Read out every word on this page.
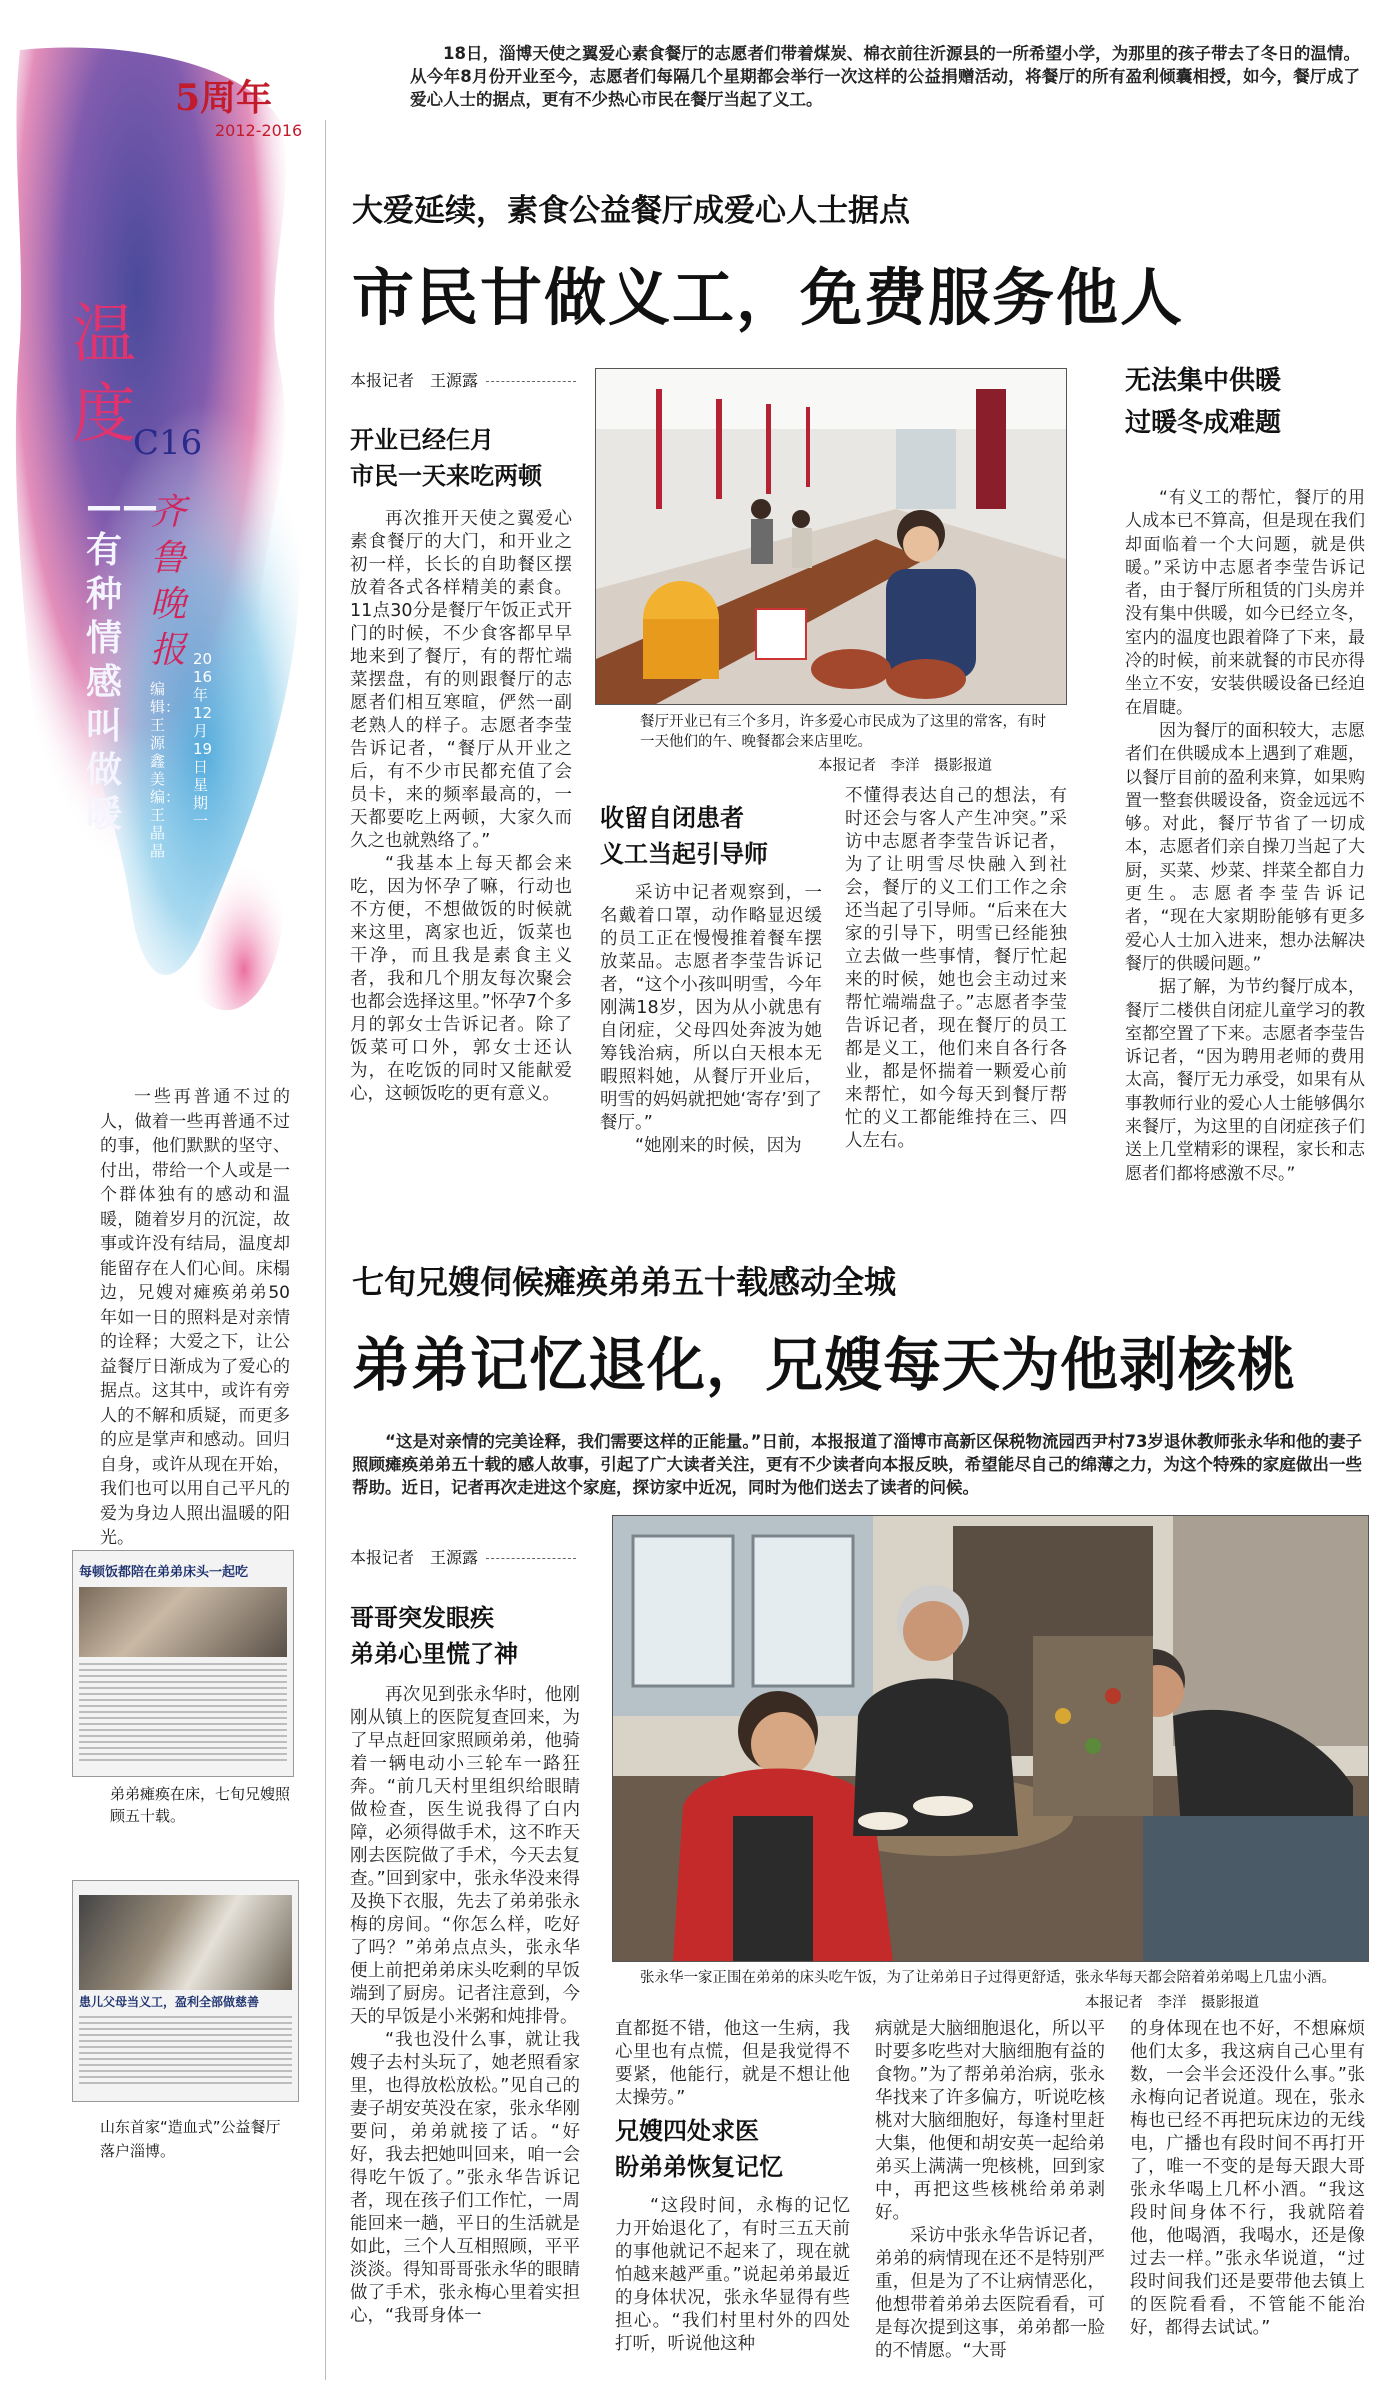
5周年
2012-2016
温
度
C16
——有种情感叫做暖
齐鲁晚报 2016年12月19日 星期一
编辑：王源鑫 美编：王晶晶

一些再普通不过的人，做着一些再普通不过的事，他们默默的坚守、付出，带给一个人或是一个群体独有的感动和温暖，随着岁月的沉淀，故事或许没有结局，温度却能留存在人们心间。床榻边，兄嫂对瘫痪弟弟50年如一日的照料是对亲情的诠释；大爱之下，让公益餐厅日渐成为了爱心的据点。这其中，或许有旁人的不解和质疑，而更多的应是掌声和感动。回归自身，或许从现在开始，我们也可以用自己平凡的爱为身边人照出温暖的阳光。

每顿饭都陪在弟弟床头一起吃
弟弟瘫痪在床，七旬兄嫂照顾五十载。
患儿父母当义工，盈利全部做慈善
山东首家“造血式”公益餐厅落户淄博。

18日，淄博天使之翼爱心素食餐厅的志愿者们带着煤炭、棉衣前往沂源县的一所希望小学，为那里的孩子带去了冬日的温情。从今年8月份开业至今，志愿者们每隔几个星期都会举行一次这样的公益捐赠活动，将餐厅的所有盈利倾囊相授，如今，餐厅成了爱心人士的据点，更有不少热心市民在餐厅当起了义工。

大爱延续，素食公益餐厅成爱心人士据点
市民甘做义工，免费服务他人
本报记者　王源露
开业已经仨月
市民一天来吃两顿

再次推开天使之翼爱心素食餐厅的大门，和开业之初一样，长长的自助餐区摆放着各式各样精美的素食。11点30分是餐厅午饭正式开门的时候，不少食客都早早地来到了餐厅，有的帮忙端菜摆盘，有的则跟餐厅的志愿者们相互寒暄，俨然一副老熟人的样子。志愿者李莹告诉记者，“餐厅从开业之后，有不少市民都充值了会员卡，来的频率最高的，一天都要吃上两顿，大家久而久之也就熟络了。”

“我基本上每天都会来吃，因为怀孕了嘛，行动也不方便，不想做饭的时候就来这里，离家也近，饭菜也干净，而且我是素食主义者，我和几个朋友每次聚会也都会选择这里。”怀孕7个多月的郭女士告诉记者。除了饭菜可口外，郭女士还认为，在吃饭的同时又能献爱心，这顿饭吃的更有意义。

餐厅开业已有三个多月，许多爱心市民成为了这里的常客，有时一天他们的午、晚餐都会来店里吃。
本报记者　李洋　摄影报道
收留自闭患者
义工当起引导师

采访中记者观察到，一名戴着口罩，动作略显迟缓的员工正在慢慢推着餐车摆放菜品。志愿者李莹告诉记者，“这个小孩叫明雪，今年刚满18岁，因为从小就患有自闭症，父母四处奔波为她筹钱治病，所以白天根本无暇照料她，从餐厅开业后，明雪的妈妈就把她‘寄存’到了餐厅。”

“她刚来的时候，因为

不懂得表达自己的想法，有时还会与客人产生冲突。”采访中志愿者李莹告诉记者，为了让明雪尽快融入到社会，餐厅的义工们工作之余还当起了引导师。“后来在大家的引导下，明雪已经能独立去做一些事情，餐厅忙起来的时候，她也会主动过来帮忙端端盘子。”志愿者李莹告诉记者，现在餐厅的员工都是义工，他们来自各行各业，都是怀揣着一颗爱心前来帮忙，如今每天到餐厅帮忙的义工都能维持在三、四人左右。

无法集中供暖
过暖冬成难题

“有义工的帮忙，餐厅的用人成本已不算高，但是现在我们却面临着一个大问题，就是供暖。”采访中志愿者李莹告诉记者，由于餐厅所租赁的门头房并没有集中供暖，如今已经立冬，室内的温度也跟着降了下来，最冷的时候，前来就餐的市民亦得坐立不安，安装供暖设备已经迫在眉睫。

因为餐厅的面积较大，志愿者们在供暖成本上遇到了难题，以餐厅目前的盈利来算，如果购置一整套供暖设备，资金远远不够。对此，餐厅节省了一切成本，志愿者们亲自操刀当起了大厨，买菜、炒菜、拌菜全都自力更生。志愿者李莹告诉记者，“现在大家期盼能够有更多爱心人士加入进来，想办法解决餐厅的供暖问题。”

据了解，为节约餐厅成本，餐厅二楼供自闭症儿童学习的教室都空置了下来。志愿者李莹告诉记者，“因为聘用老师的费用太高，餐厅无力承受，如果有从事教师行业的爱心人士能够偶尔来餐厅，为这里的自闭症孩子们送上几堂精彩的课程，家长和志愿者们都将感激不尽。”

七旬兄嫂伺候瘫痪弟弟五十载感动全城
弟弟记忆退化，兄嫂每天为他剥核桃

“这是对亲情的完美诠释，我们需要这样的正能量。”日前，本报报道了淄博市高新区保税物流园西尹村73岁退休教师张永华和他的妻子照顾瘫痪弟弟五十载的感人故事，引起了广大读者关注，更有不少读者向本报反映，希望能尽自己的绵薄之力，为这个特殊的家庭做出一些帮助。近日，记者再次走进这个家庭，探访家中近况，同时为他们送去了读者的问候。

本报记者　王源露
哥哥突发眼疾
弟弟心里慌了神

再次见到张永华时，他刚刚从镇上的医院复查回来，为了早点赶回家照顾弟弟，他骑着一辆电动小三轮车一路狂奔。“前几天村里组织给眼睛做检查，医生说我得了白内障，必须得做手术，这不昨天刚去医院做了手术，今天去复查。”回到家中，张永华没来得及换下衣服，先去了弟弟张永梅的房间。“你怎么样，吃好了吗？”弟弟点点头，张永华便上前把弟弟床头吃剩的早饭端到了厨房。记者注意到，今天的早饭是小米粥和炖排骨。

“我也没什么事，就让我嫂子去村头玩了，她老照看家里，也得放松放松。”见自己的妻子胡安英没在家，张永华刚要问，弟弟就接了话。“好好，我去把她叫回来，咱一会得吃午饭了。”张永华告诉记者，现在孩子们工作忙，一周能回来一趟，平日的生活就是如此，三个人互相照顾，平平淡淡。得知哥哥张永华的眼睛做了手术，张永梅心里着实担心，“我哥身体一

张永华一家正围在弟弟的床头吃午饭，为了让弟弟日子过得更舒适，张永华每天都会陪着弟弟喝上几盅小酒。
本报记者　李洋　摄影报道

直都挺不错，他这一生病，我心里也有点慌，但是我觉得不要紧，他能行，就是不想让他太操劳。”

兄嫂四处求医
盼弟弟恢复记忆

“这段时间，永梅的记忆力开始退化了，有时三五天前的事他就记不起来了，现在就怕越来越严重。”说起弟弟最近的身体状况，张永华显得有些担心。“我们村里村外的四处打听，听说他这种

病就是大脑细胞退化，所以平时要多吃些对大脑细胞有益的食物。”为了帮弟弟治病，张永华找来了许多偏方，听说吃核桃对大脑细胞好，每逢村里赶大集，他便和胡安英一起给弟弟买上满满一兜核桃，回到家中，再把这些核桃给弟弟剥好。

采访中张永华告诉记者，弟弟的病情现在还不是特别严重，但是为了不让病情恶化，他想带着弟弟去医院看看，可是每次提到这事，弟弟都一脸的不情愿。“大哥

的身体现在也不好，不想麻烦他们太多，我这病自己心里有数，一会半会还没什么事。”张永梅向记者说道。现在，张永梅也已经不再把玩床边的无线电，广播也有段时间不再打开了，唯一不变的是每天跟大哥张永华喝上几杯小酒。“我这段时间身体不行，我就陪着他，他喝酒，我喝水，还是像过去一样。”张永华说道，“过段时间我们还是要带他去镇上的医院看看，不管能不能治好，都得去试试。”
